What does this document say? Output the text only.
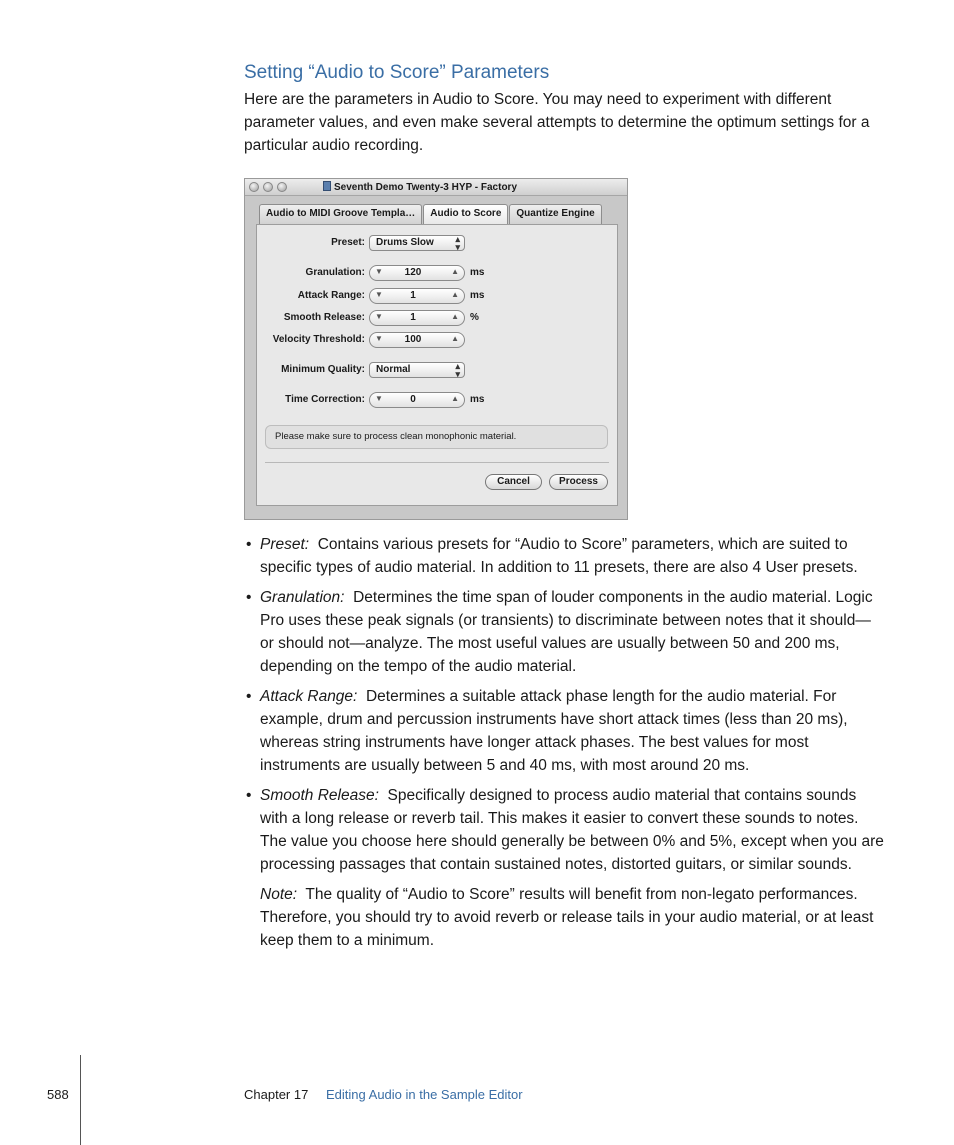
Setting “Audio to Score” Parameters

Here are the parameters in Audio to Score. You may need to experiment with different parameter values, and even make several attempts to determine the optimum settings for a particular audio recording.

Seventh Demo Twenty-3 HYP - Factory
Audio to MIDI Groove Templa…	Audio to Score	Quantize Engine
Preset: Drums Slow	▴
▾
Granulation: ▼	120	▲ ms
Attack Range: ▼	1	▲ ms
Smooth Release: ▼	1	▲ %
Velocity Threshold: ▼	100	▲
Minimum Quality: Normal	▴
▾
Time Correction: ▼	0	▲ ms
Please make sure to process clean monophonic material.
Cancel	Process
• Preset: Contains various presets for “Audio to Score” parameters, which are suited to specific types of audio material. In addition to 11 presets, there are also 4 User presets.
• Granulation: Determines the time span of louder components in the audio material. Logic Pro uses these peak signals (or transients) to discriminate between notes that it should—or should not—analyze. The most useful values are usually between 50 and 200 ms, depending on the tempo of the audio material.
• Attack Range: Determines a suitable attack phase length for the audio material. For example, drum and percussion instruments have short attack times (less than 20 ms), whereas string instruments have longer attack phases. The best values for most instruments are usually between 5 and 40 ms, with most around 20 ms.
• Smooth Release: Specifically designed to process audio material that contains sounds with a long release or reverb tail. This makes it easier to convert these sounds to notes. The value you choose here should generally be between 0% and 5%, except when you are processing passages that contain sustained notes, distorted guitars, or similar sounds.
Note: The quality of “Audio to Score” results will benefit from non-legato performances. Therefore, you should try to avoid reverb or release tails in your audio material, or at least keep them to a minimum.
588	Chapter 17 Editing Audio in the Sample Editor
